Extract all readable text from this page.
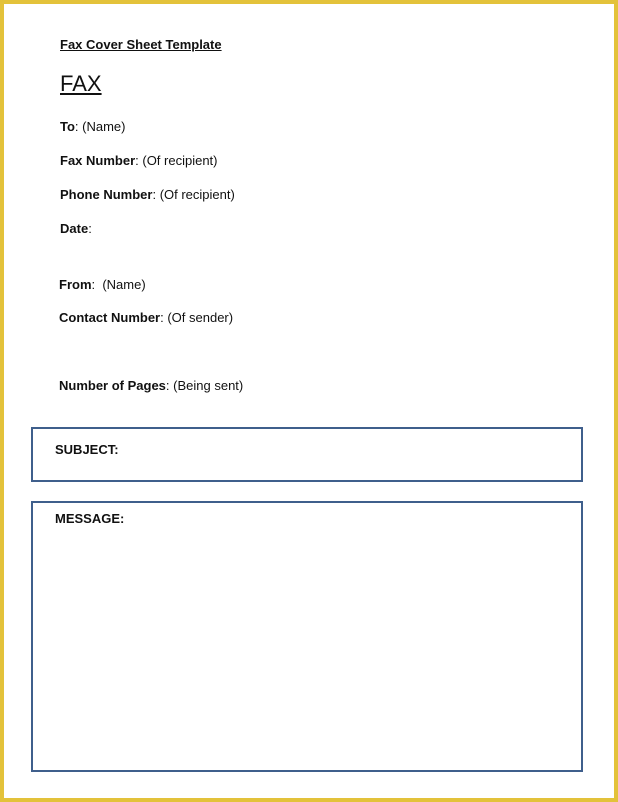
Fax Cover Sheet Template
FAX
To: (Name)
Fax Number: (Of recipient)
Phone Number: (Of recipient)
Date:
From:  (Name)
Contact Number: (Of sender)
Number of Pages: (Being sent)
SUBJECT:
MESSAGE:
